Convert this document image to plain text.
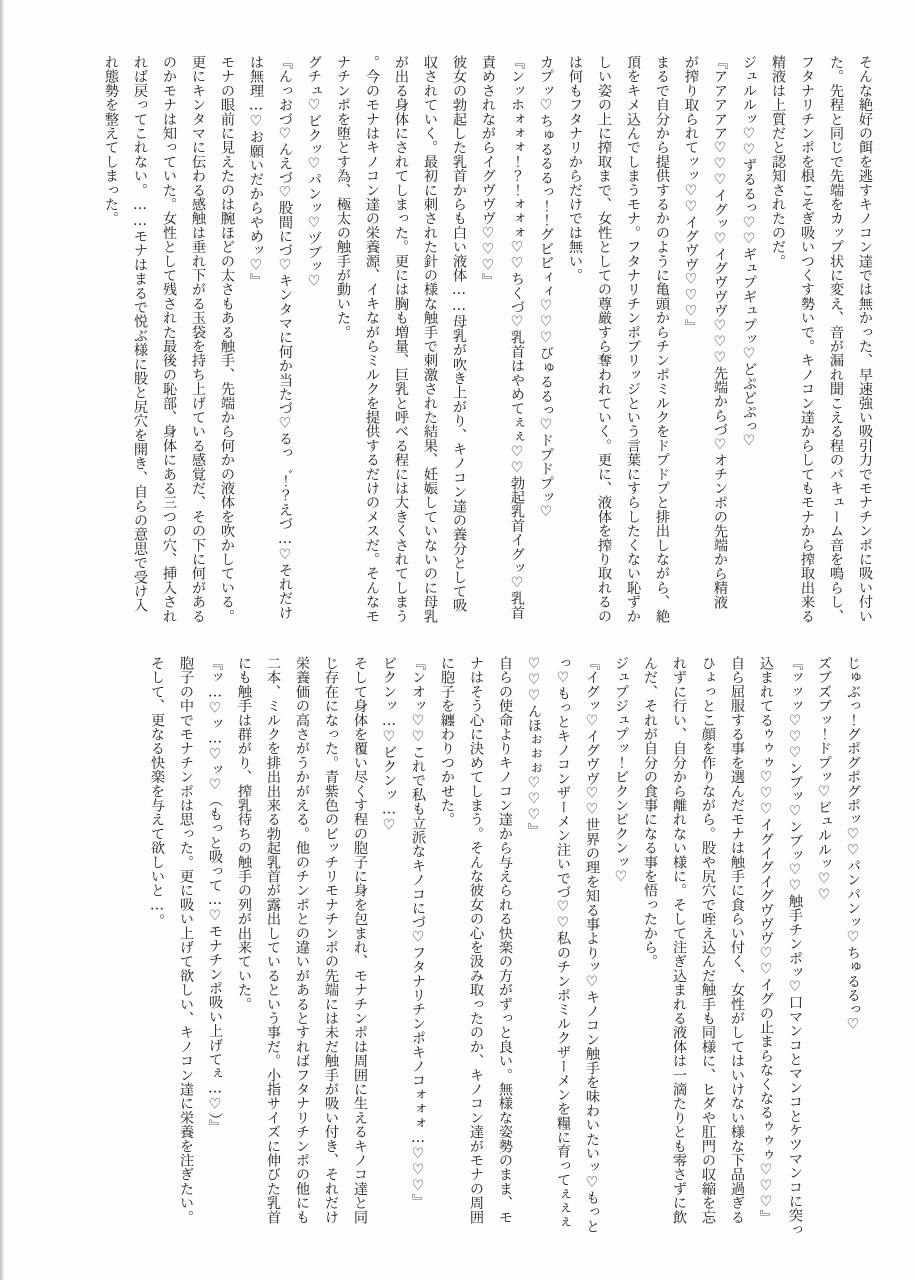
そんな絶好の餌を逃すキノコン達では無かった、早速強い吸引力でモナチンポに吸い付いた。先程と同じで先端をカップ状に変え、音が漏れ聞こえる程のバキューム音を鳴らし、フタナリチンポを根こそぎ吸いつくす勢いで。キノコン達からしてもモナから搾取出来る精液は上質だと認知されたのだ。

ジュルルッ♡♡ずるるっ♡♡ギュプギュプッ♡どぷどぷっ♡

『アアアアア♡♡♡イグッ♡イグヴヴヴ♡♡♡先端からづ♡オチンポの先端から精液が搾り取られてッッ♡♡イグヴヴ♡♡♡』

まるで自分から提供するかのように亀頭からチンポミルクをドプドプと排出しながら、絶頂をキメ込んでしまうモナ。フタナリチンポブリッジという言葉にすらしたくない恥ずかしい姿の上に搾取まで、女性としての尊厳すら奪われていく。更に、液体を搾り取れるのは何もフタナリからだけでは無い。

カプッ♡ちゅるるるっ！！グビビィィ♡♡♡びゅるるっ♡ドプドプッ♡

『ンッホォォォ！？！ォォォ♡♡ちくづ♡乳首はやめてぇぇ♡♡勃起乳首イグッ♡乳首責めされながらイグヴヴヴ♡♡♡』

彼女の勃起した乳首からも白い液体……母乳が吹き上がり、キノコン達の養分として吸収されていく。最初に刺された針の様な触手で刺激された結果、妊娠していないのに母乳が出る身体にされてしまった。更には胸も増量、巨乳と呼べる程には大きくされてしまう。今のモナはキノコン達の栄養源、イキながらミルクを提供するだけのメスだ。そんなモナチンポを堕とす為、極太の触手が動いた。

グチュ♡ビクッ♡パンッ♡ヅブッ♡

『んっおづ♡んえづ♡股間にづ♡キンタマに何か当たづ♡るっ゛！？えづ…♡それだけは無理…♡お願いだからやめッ♡』

モナの眼前に見えたのは腕ほどの太さもある触手、先端から何かの液体を吹かしている。更にキンタマに伝わる感触は垂れ下がる玉袋を持ち上げている感覚だ、その下に何があるのかモナは知っていた。女性として残された最後の恥部、身体にある三つの穴、挿入されれば戻ってこれない。……モナはまるで悦ぶ様に股と尻穴を開き、自らの意思で受け入れ態勢を整えてしまった。

じゅぶっ！グポグポグポッ♡♡パンパンッ♡ちゅるるっ♡

ズブズブッ！ドプッ♡ビュルルッ♡♡

『ッッッ♡♡♡ンブッ♡ンブッ♡♡触手チンポッ♡口マンコとマンコとケツマンコに突っ込まれてるゥゥゥ♡♡♡イグイグイグヴヴヴ♡♡イグの止まらなくなるゥゥゥ♡♡♡』

自ら屈服する事を選んだモナは触手に食らい付く、女性がしてはいけない様な下品過ぎるひょっとこ顔を作りながら。股や尻穴で咥え込んだ触手も同様に、ヒダや肛門の収縮を忘れずに行い、自分から離れない様に。そして注ぎ込まれる液体は一滴たりとも零さずに飲んだ、それが自分の食事になる事を悟ったから。

ジュプジュプッ！ビクンビクンッ♡

『イグッ♡イグヴヴ♡♡世界の理を知る事よりッ♡キノコン触手を味わいたいッ♡もっとっ♡もっとキノコンザーメン注いでづ♡♡私のチンポミルクザーメンを糧に育ってぇぇぇ♡♡♡んほぉぉぉ♡♡♡』

自らの使命よりキノコン達から与えられる快楽の方がずっと良い。無様な姿勢のまま、モナはそう心に決めてしまう。そんな彼女の心を汲み取ったのか、キノコン達がモナの周囲に胞子を纏わりつかせた。

『ンオッ♡♡これで私も立派なキノコにづ♡フタナリチンポキノコォォォ…♡♡♡』

ビクンッ…♡ビクンッ…♡

そして身体を覆い尽くす程の胞子に身を包まれ、モナチンポは周囲に生えるキノコ達と同じ存在になった。青紫色のビッチリモナチンポの先端には未だ触手が吸い付き、それだけ栄養価の高さがうかがえる。他のチンポとの違いがあるとすればフタナリチンポの他にも二本、ミルクを排出出来る勃起乳首が露出しているという事だ。小指サイズに伸びた乳首にも触手は群がり、搾乳待ちの触手の列が出来ていた。

『ッ…♡ッ…♡ッ♡（もっと吸って…♡モナチンポ吸い上げてぇ…♡）』

胞子の中でモナチンポは思った。更に吸い上げて欲しい、キノコン達に栄養を注ぎたい。そして、更なる快楽を与えて欲しいと…。
